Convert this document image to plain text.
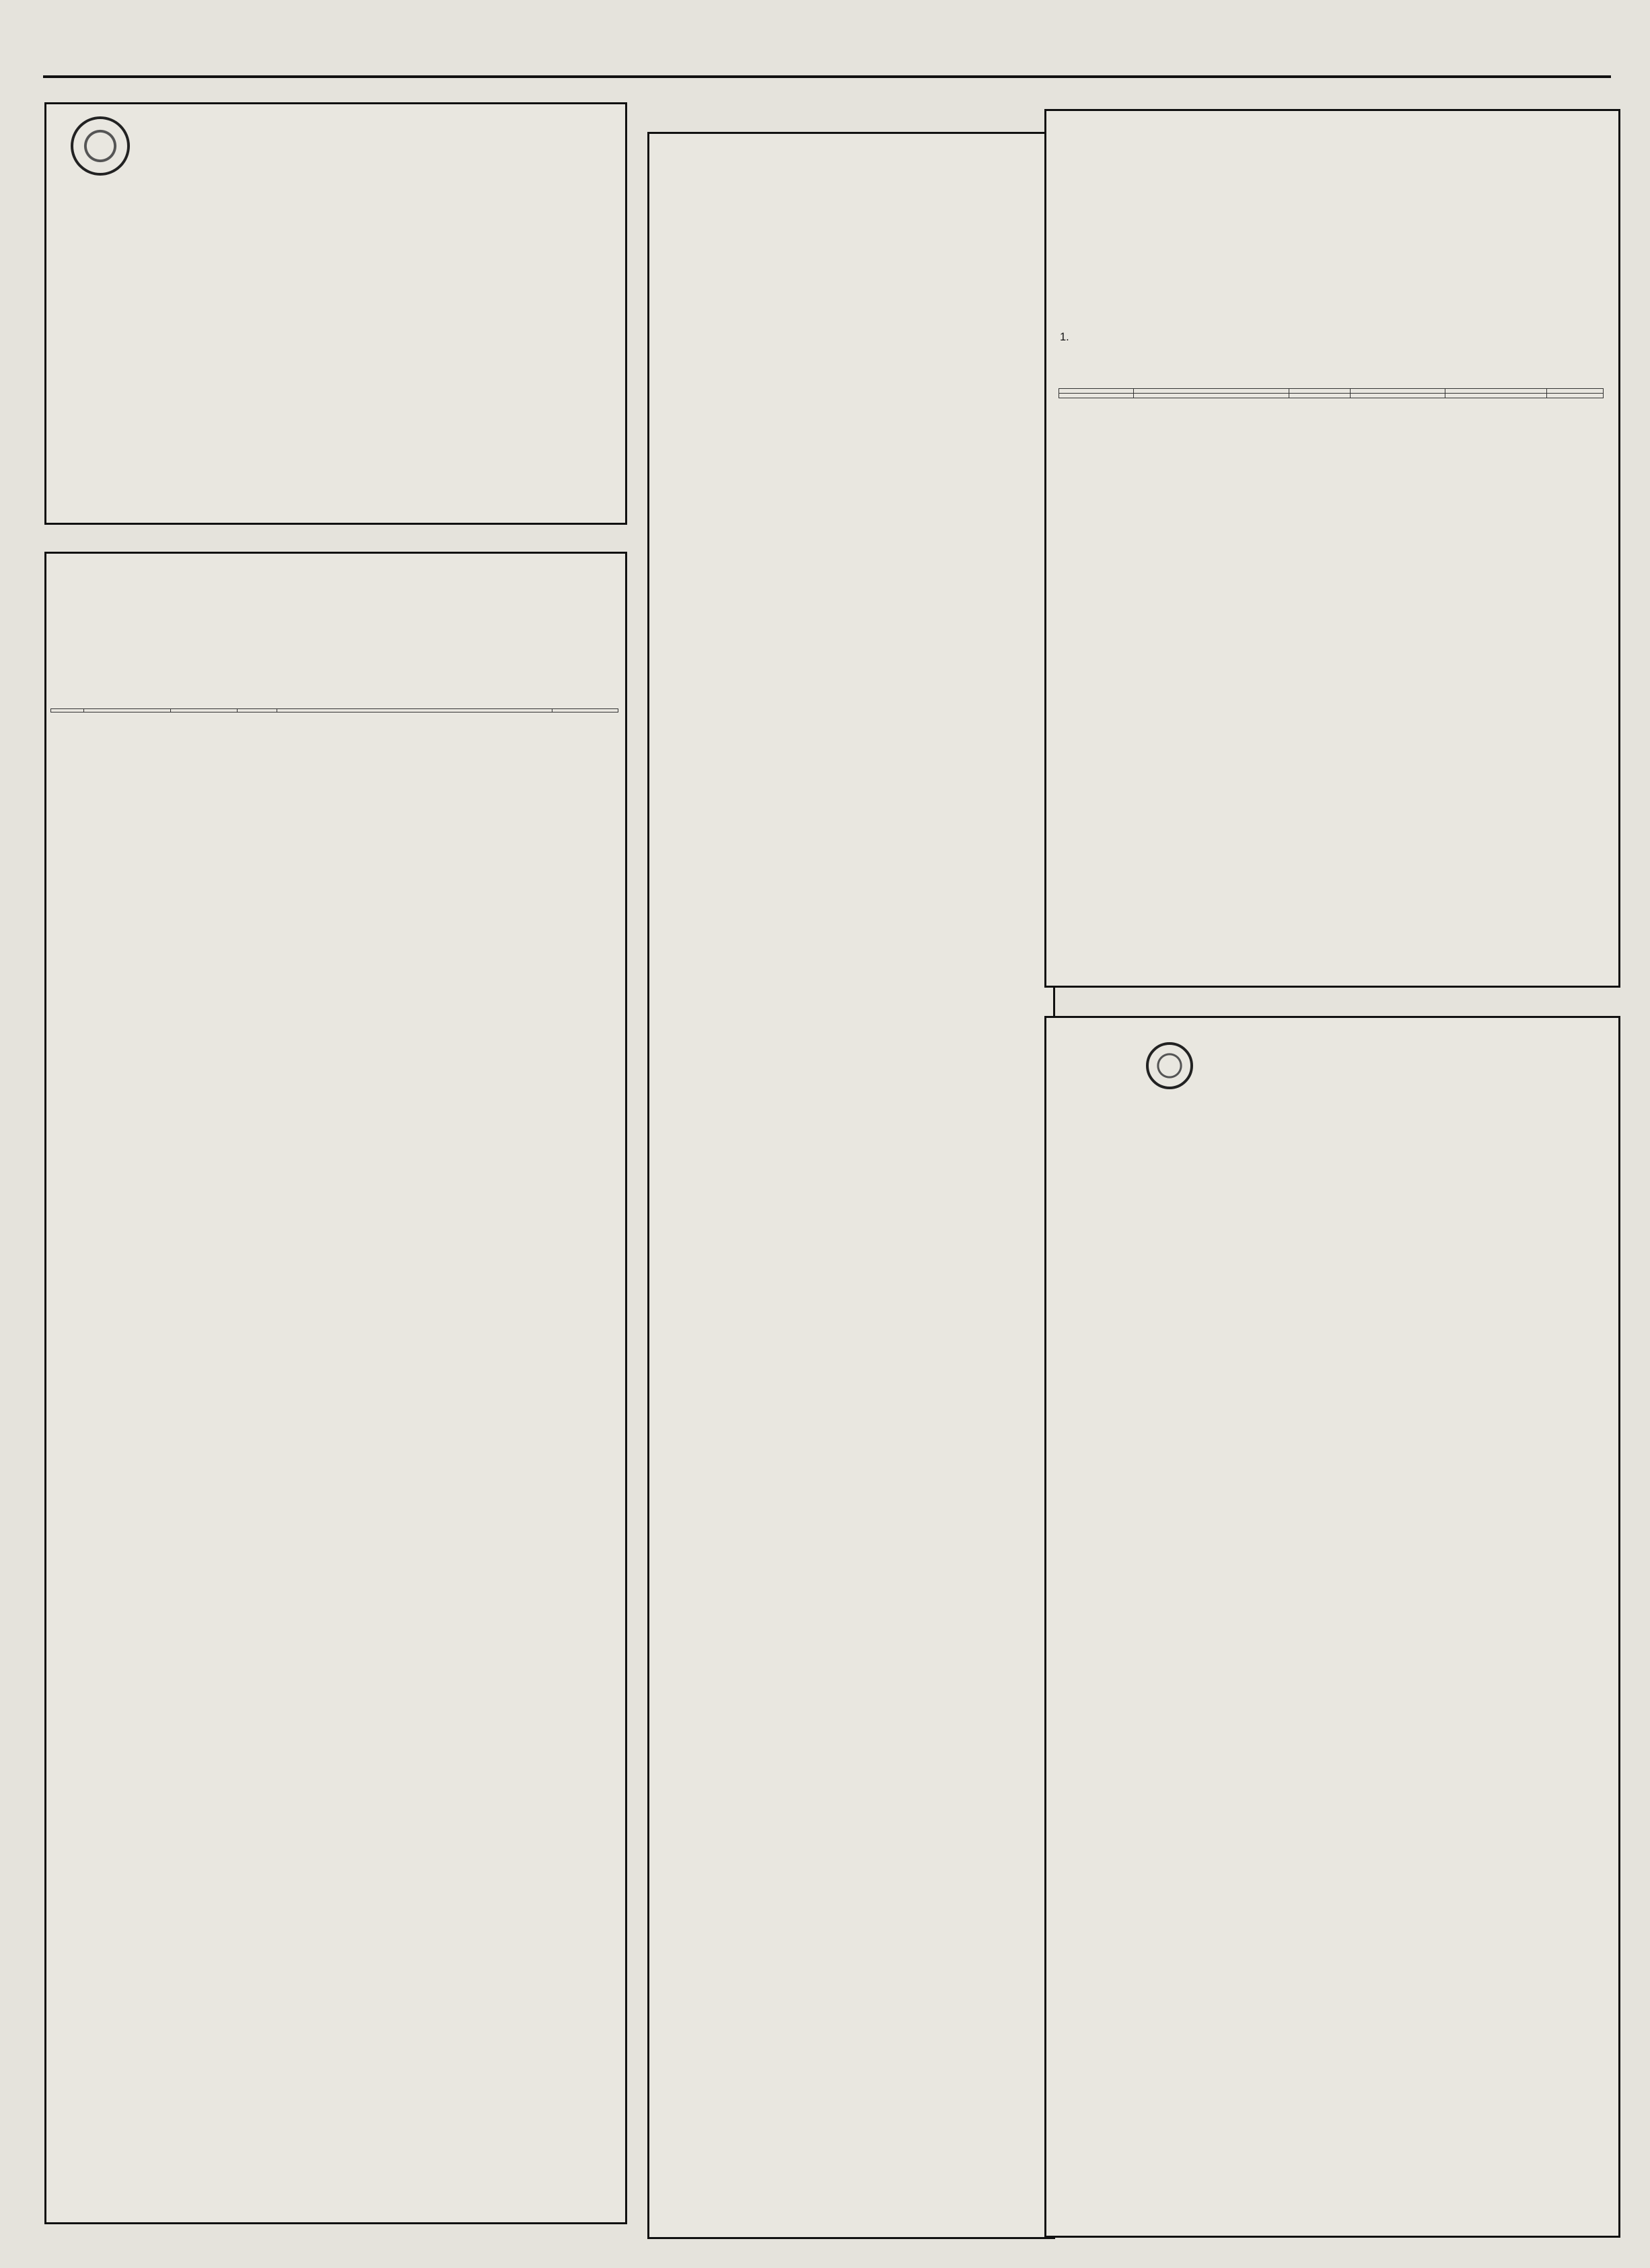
1.
